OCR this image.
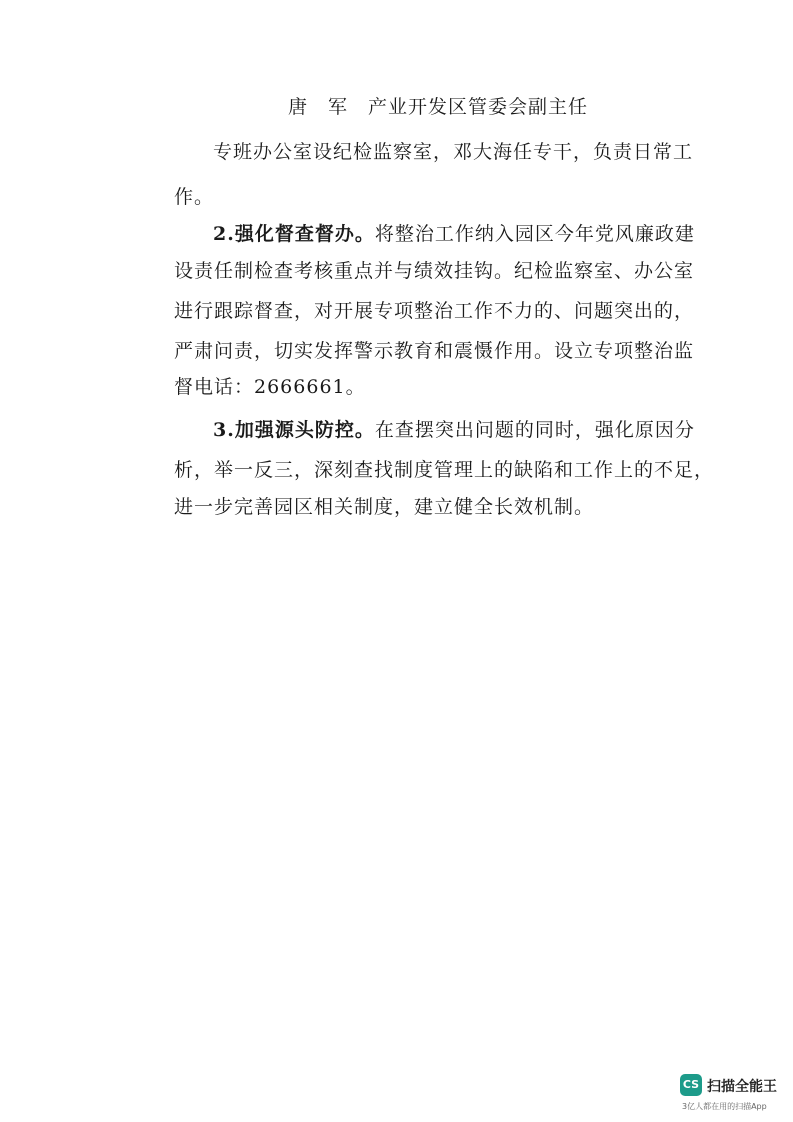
唐　军　 产业开发区管委会副主任
专班办公室设纪检监察室，邓大海任专干，负责日常工
作。
2.强化督查督办。将整治工作纳入园区今年党风廉政建
设责任制检查考核重点并与绩效挂钩。纪检监察室、办公室
进行跟踪督查，对开展专项整治工作不力的、问题突出的，
严肃问责，切实发挥警示教育和震慑作用。设立专项整治监
督电话：2666661。
3.加强源头防控。在查摆突出问题的同时，强化原因分
析，举一反三，深刻查找制度管理上的缺陷和工作上的不足，
进一步完善园区相关制度，建立健全长效机制。
CS 扫描全能王
3亿人都在用的扫描App
